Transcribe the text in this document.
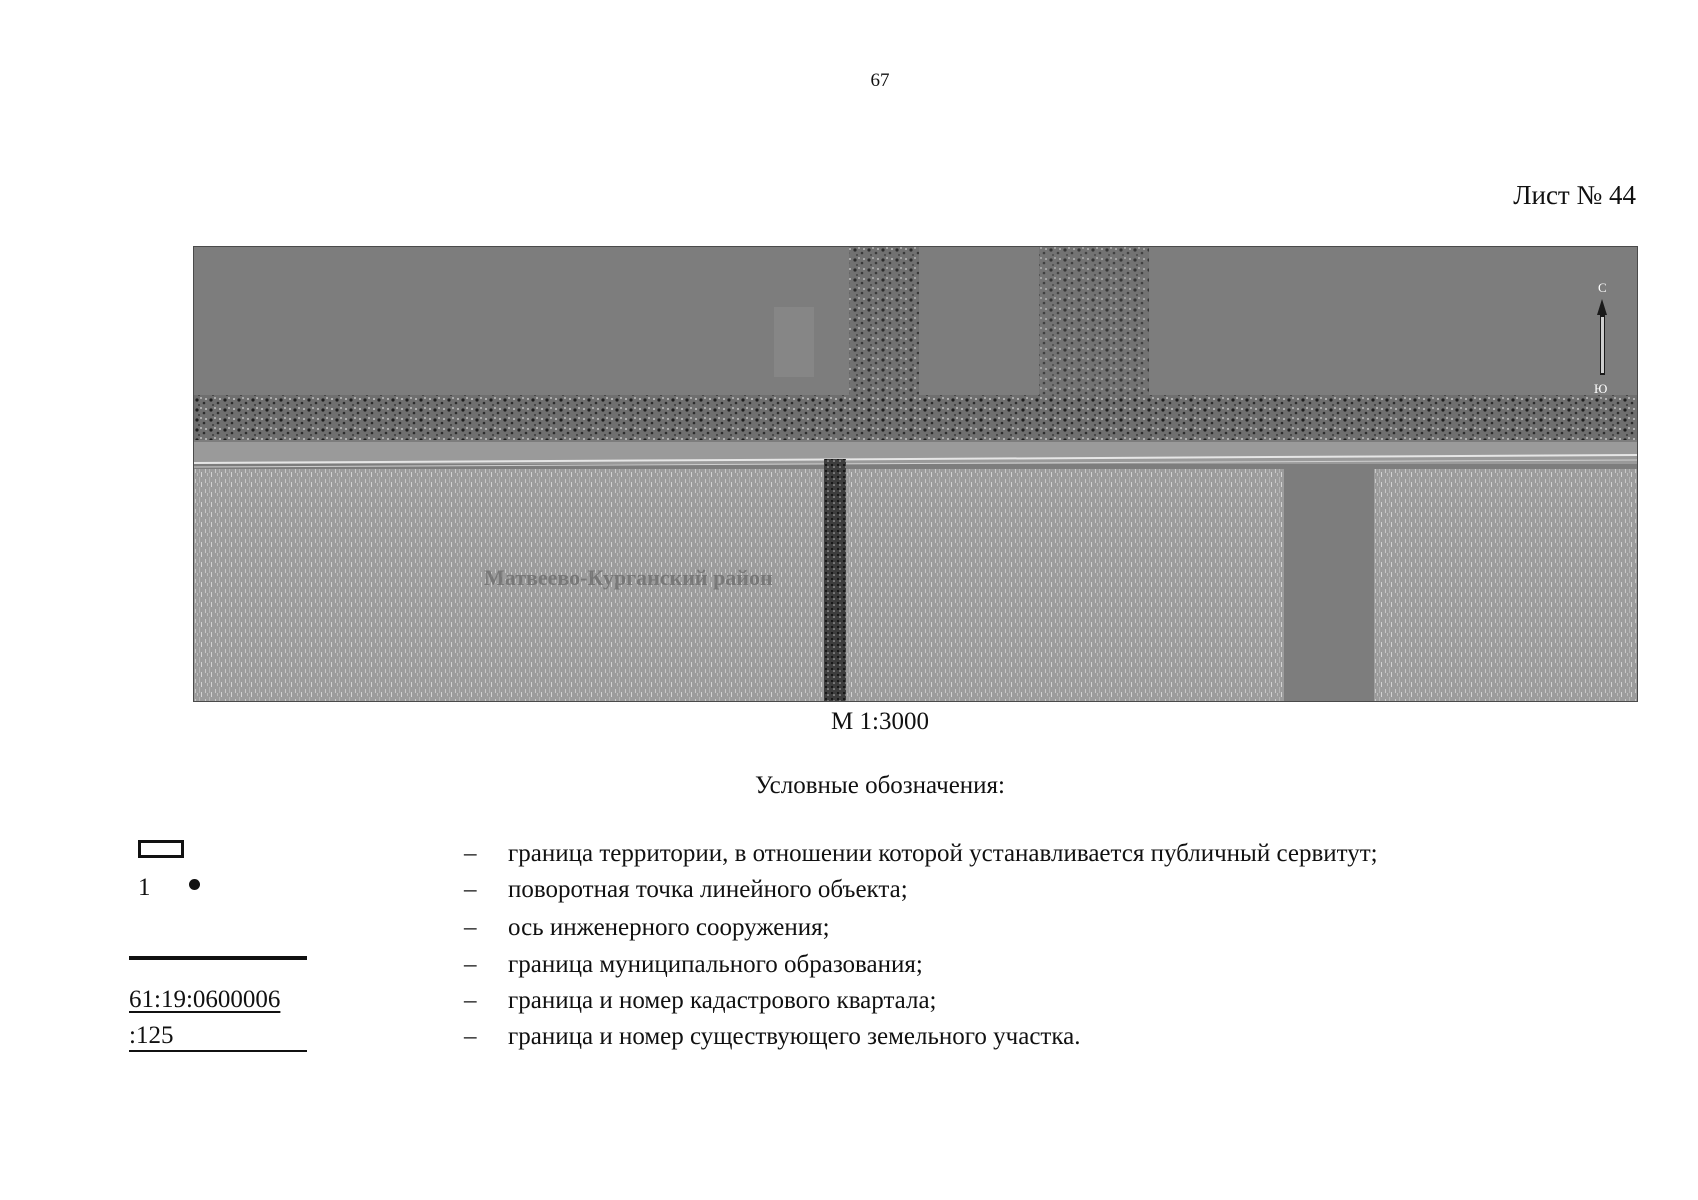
67
Лист № 44
Матвеево-Курганский район
С
Ю
М 1:3000
Условные обозначения:
1
61:19:0600006
:125
–	граница территории, в отношении которой устанавливается публичный сервитут;
–	поворотная точка линейного объекта;
–	ось инженерного сооружения;
–	граница муниципального образования;
–	граница и номер кадастрового квартала;
–	граница и номер существующего земельного участка.
